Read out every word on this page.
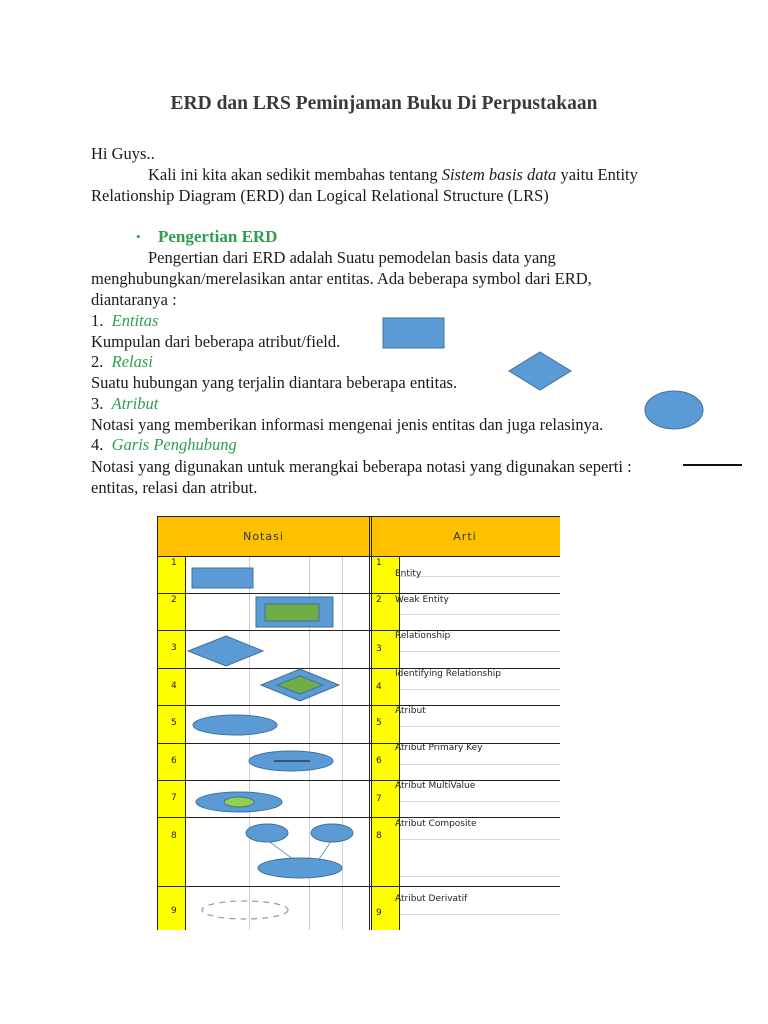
ERD dan LRS Peminjaman Buku Di Perpustakaan
Hi Guys..
Kali ini kita akan sedikit membahas tentang Sistem basis data yaitu Entity
Relationship Diagram (ERD) dan Logical Relational Structure (LRS)
• Pengertian ERD
Pengertian dari ERD adalah Suatu pemodelan basis data yang
menghubungkan/merelasikan antar entitas. Ada beberapa symbol dari ERD,
diantaranya :
1. Entitas
Kumpulan dari beberapa atribut/field.
2. Relasi
Suatu hubungan yang terjalin diantara beberapa entitas.
3. Atribut
Notasi yang memberikan informasi mengenai jenis entitas dan juga relasinya.
4. Garis Penghubung
Notasi yang digunakan untuk merangkai beberapa notasi yang digunakan seperti :
entitas, relasi dan atribut.
Notasi	Arti
1
2
3
4
5
6
7
8
9
1
2
3
4
5
6
7
8
9
Entity
Weak Entity
Relationship
Identifying Relationship
Atribut
Atribut Primary Key
Atribut MultiValue
Atribut Composite
Atribut Derivatif
